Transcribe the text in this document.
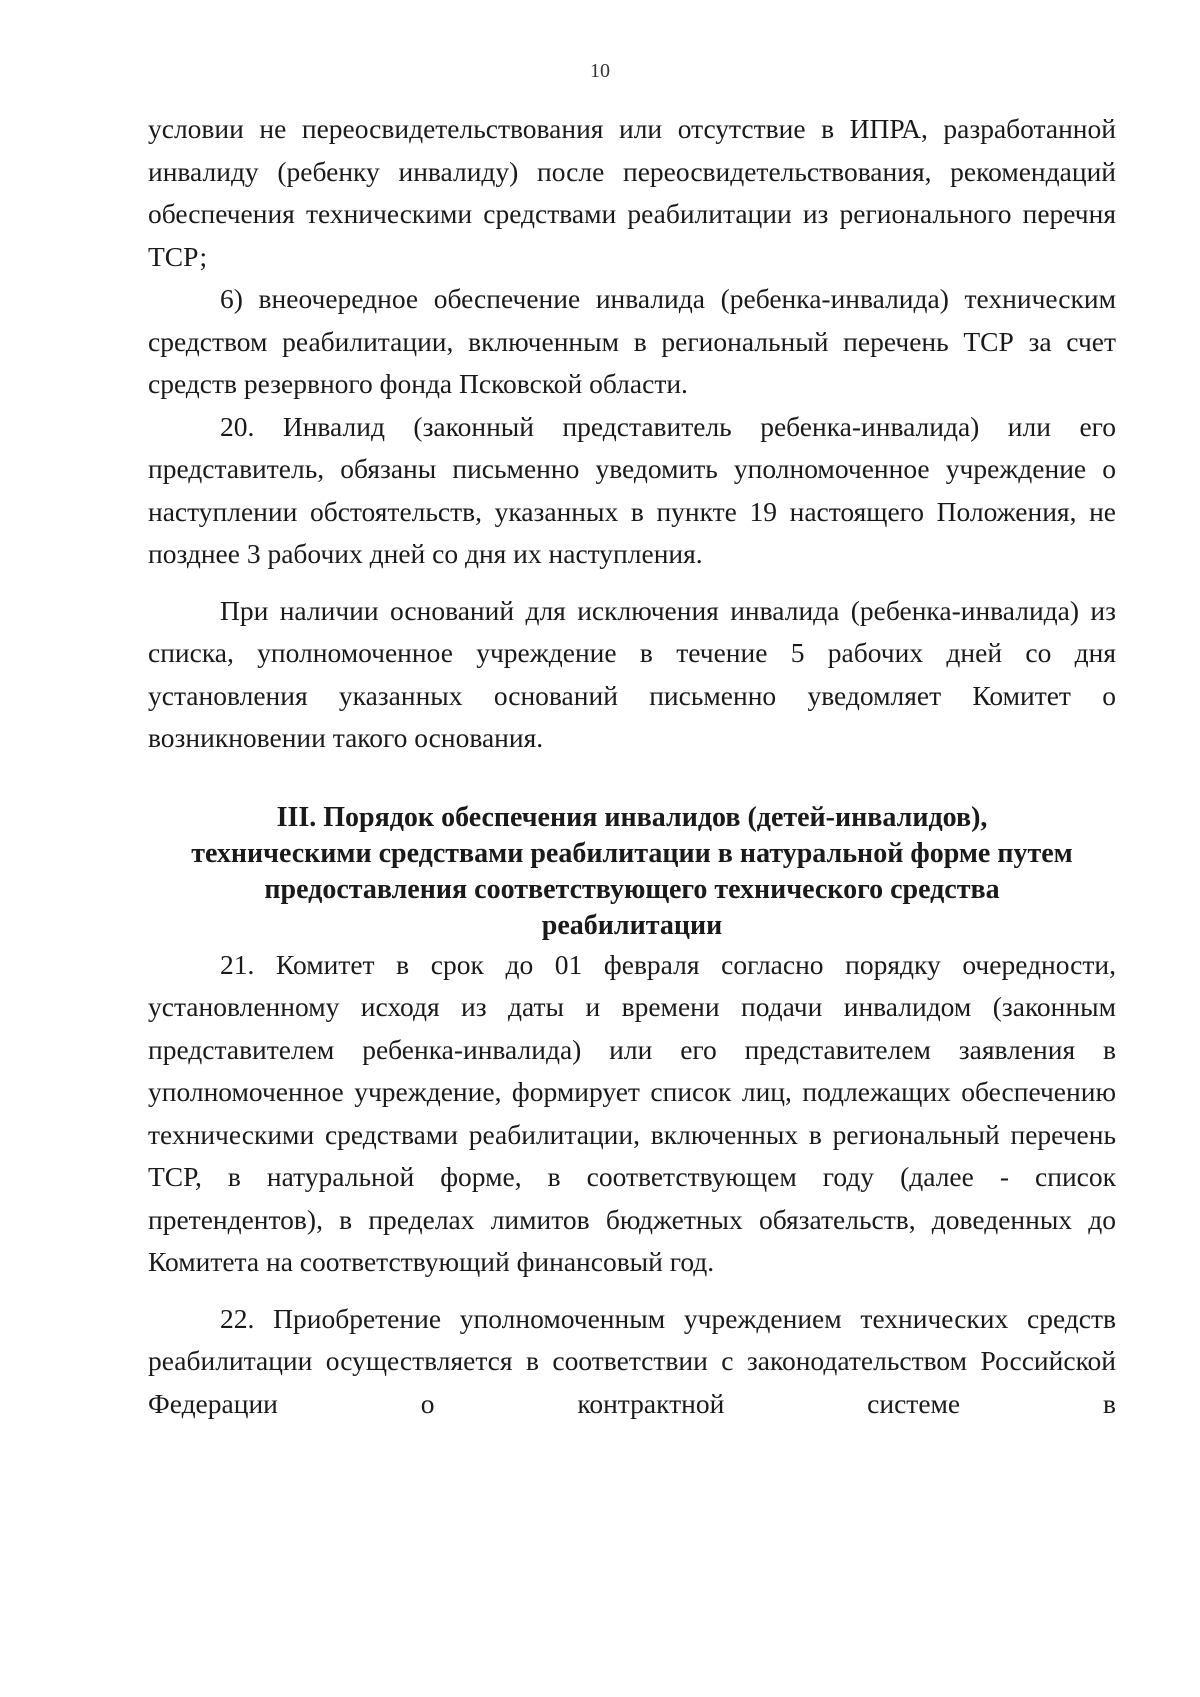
10

условии не переосвидетельствования или отсутствие в ИПРА, разработанной инвалиду (ребенку инвалиду) после переосвидетельствования, рекомендаций обеспечения техническими средствами реабилитации из регионального перечня ТСР;

6) внеочередное обеспечение инвалида (ребенка-инвалида) техническим средством реабилитации, включенным в региональный перечень ТСР за счет средств резервного фонда Псковской области.

20. Инвалид (законный представитель ребенка-инвалида) или его представитель, обязаны письменно уведомить уполномоченное учреждение о наступлении обстоятельств, указанных в пункте 19 настоящего Положения, не позднее 3 рабочих дней со дня их наступления.

При наличии оснований для исключения инвалида (ребенка-инвалида) из списка, уполномоченное учреждение в течение 5 рабочих дней со дня установления указанных оснований письменно уведомляет Комитет о возникновении такого основания.

III. Порядок обеспечения инвалидов (детей-инвалидов),
техническими средствами реабилитации в натуральной форме путем
предоставления соответствующего технического средства
реабилитации

21. Комитет в срок до 01 февраля согласно порядку очередности, установленному исходя из даты и времени подачи инвалидом (законным представителем ребенка-инвалида) или его представителем заявления в уполномоченное учреждение, формирует список лиц, подлежащих обеспечению техническими средствами реабилитации, включенных в региональный перечень ТСР, в натуральной форме, в соответствующем году (далее - список претендентов), в пределах лимитов бюджетных обязательств, доведенных до Комитета на соответствующий финансовый год.

22. Приобретение уполномоченным учреждением технических средств реабилитации осуществляется в соответствии с законодательством Российской Федерации о контрактной системе в
